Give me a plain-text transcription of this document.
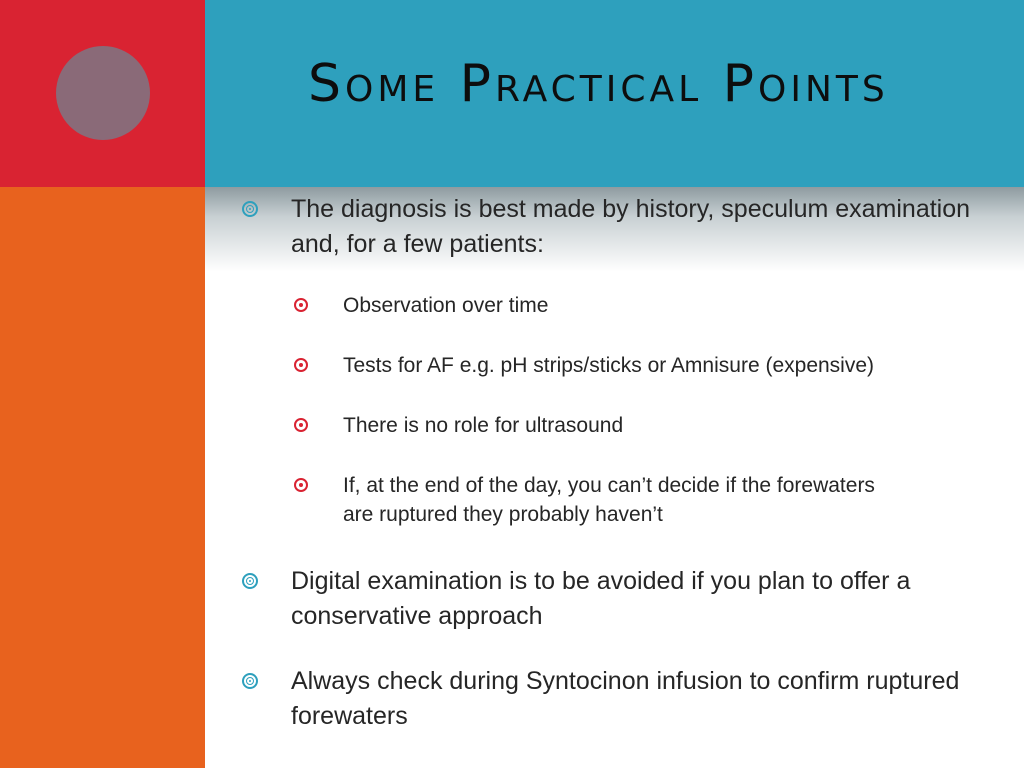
Some Practical Points
The diagnosis is best made by history, speculum examination and, for a few patients:
Observation over time
Tests for AF e.g. pH strips/sticks or Amnisure (expensive)
There is no role for ultrasound
If, at the end of the day, you can’t decide if the forewaters are ruptured they probably haven’t
Digital examination is to be avoided if you plan to offer a conservative approach
Always check during Syntocinon infusion to confirm ruptured forewaters
